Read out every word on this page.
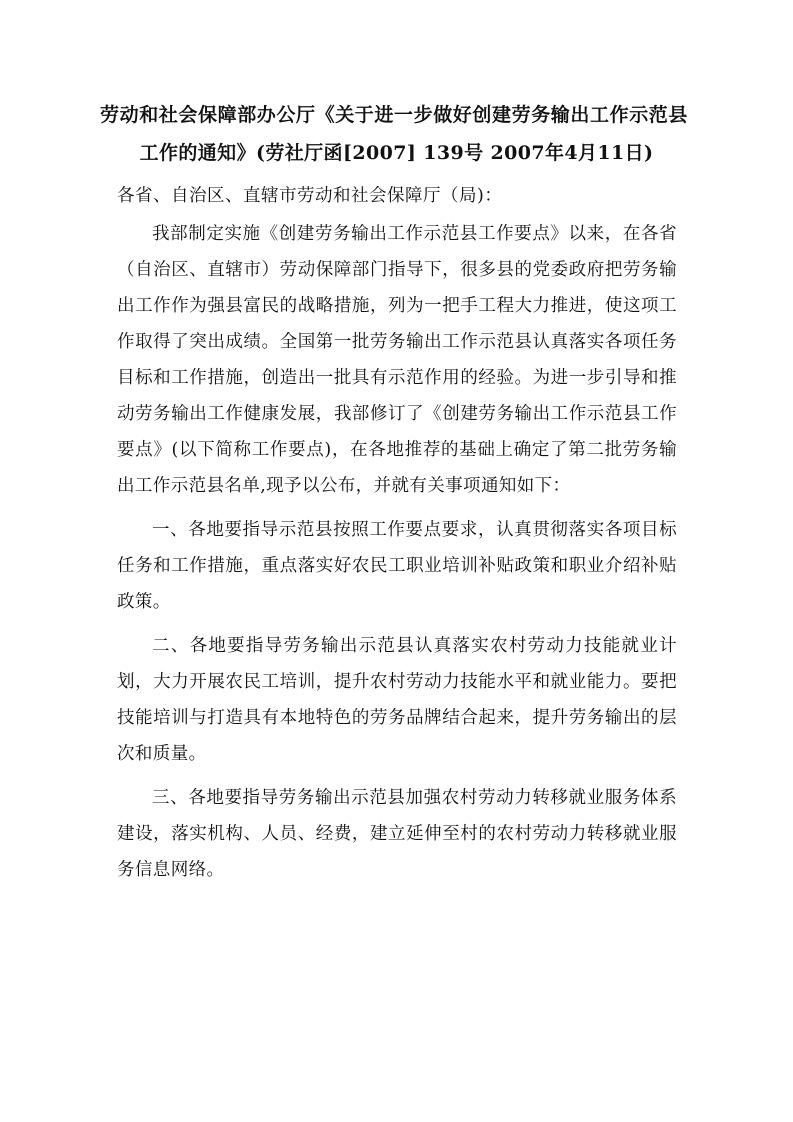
劳动和社会保障部办公厅《关于进一步做好创建劳务输出工作示范县

工作的通知》(劳社厅函[2007] 139号 2007年4月11日)

各省、自治区、直辖市劳动和社会保障厅（局)：

我部制定实施《创建劳务输出工作示范县工作要点》以来，在各省（自治区、直辖市）劳动保障部门指导下，很多县的党委政府把劳务输出工作作为强县富民的战略措施，列为一把手工程大力推进，使这项工作取得了突出成绩。全国第一批劳务输出工作示范县认真落实各项任务目标和工作措施，创造出一批具有示范作用的经验。为进一步引导和推动劳务输出工作健康发展，我部修订了《创建劳务输出工作示范县工作要点》(以下简称工作要点)，在各地推荐的基础上确定了第二批劳务输出工作示范县名单,现予以公布，并就有关事项通知如下：

一、各地要指导示范县按照工作要点要求，认真贯彻落实各项目标任务和工作措施，重点落实好农民工职业培训补贴政策和职业介绍补贴政策。

二、各地要指导劳务输出示范县认真落实农村劳动力技能就业计划，大力开展农民工培训，提升农村劳动力技能水平和就业能力。要把技能培训与打造具有本地特色的劳务品牌结合起来，提升劳务输出的层次和质量。

三、各地要指导劳务输出示范县加强农村劳动力转移就业服务体系建设，落实机构、人员、经费，建立延伸至村的农村劳动力转移就业服务信息网络。
